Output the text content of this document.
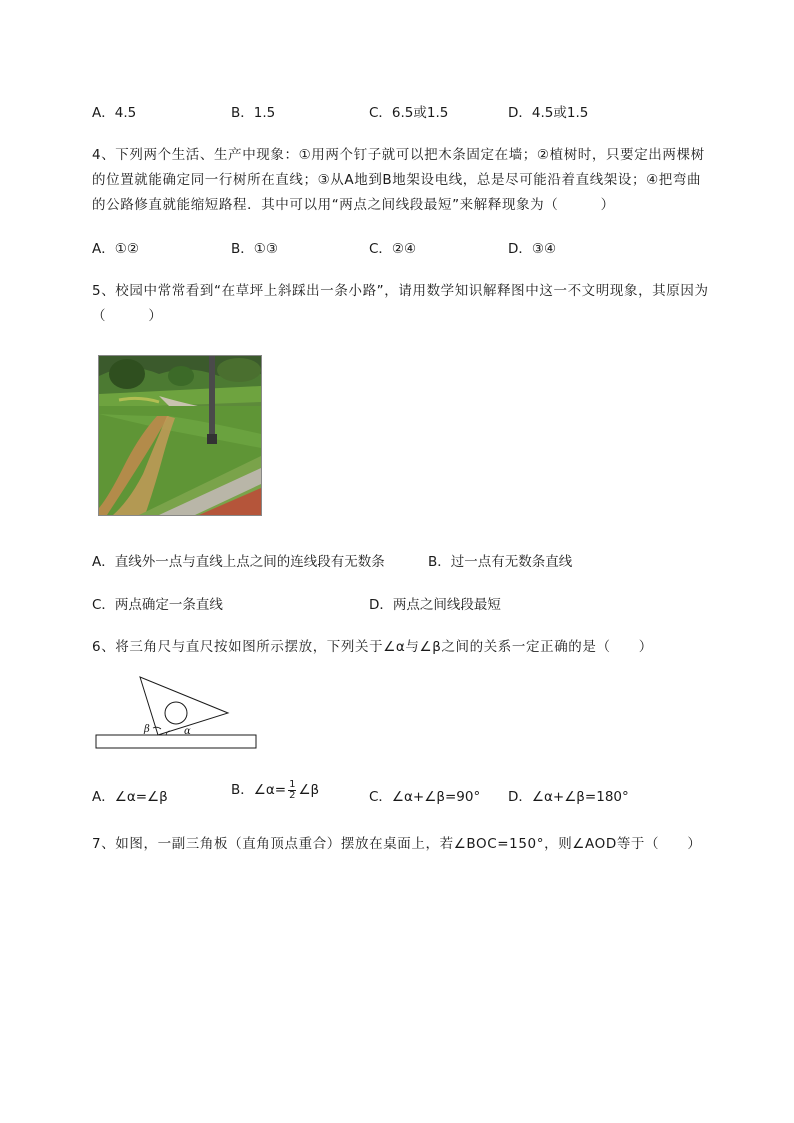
A．4.5	B．1.5	C．6.5或1.5	D．4.5或1.5
4、下列两个生活、生产中现象：①用两个钉子就可以把木条固定在墙；②植树时，只要定出两棵树
的位置就能确定同一行树所在直线；③从A地到B地架设电线，总是尽可能沿着直线架设；④把弯曲
的公路修直就能缩短路程．其中可以用“两点之间线段最短”来解释现象为（　　　）
A．①②	B．①③	C．②④	D．③④
5、校园中常常看到“在草坪上斜踩出一条小路”，请用数学知识解释图中这一不文明现象，其原因为
（　　　）
A．直线外一点与直线上点之间的连线段有无数条	B．过一点有无数条直线
C．两点确定一条直线	D．两点之间线段最短
6、将三角尺与直尺按如图所示摆放，下列关于∠α与∠β之间的关系一定正确的是（　　）
β	α
A．∠α=∠β	B．∠α= $\frac{1}{2}$ ∠β	C．∠α+∠β=90° D．∠α+∠β=180°
7、如图，一副三角板（直角顶点重合）摆放在桌面上，若∠BOC=150°，则∠AOD等于（　　）
